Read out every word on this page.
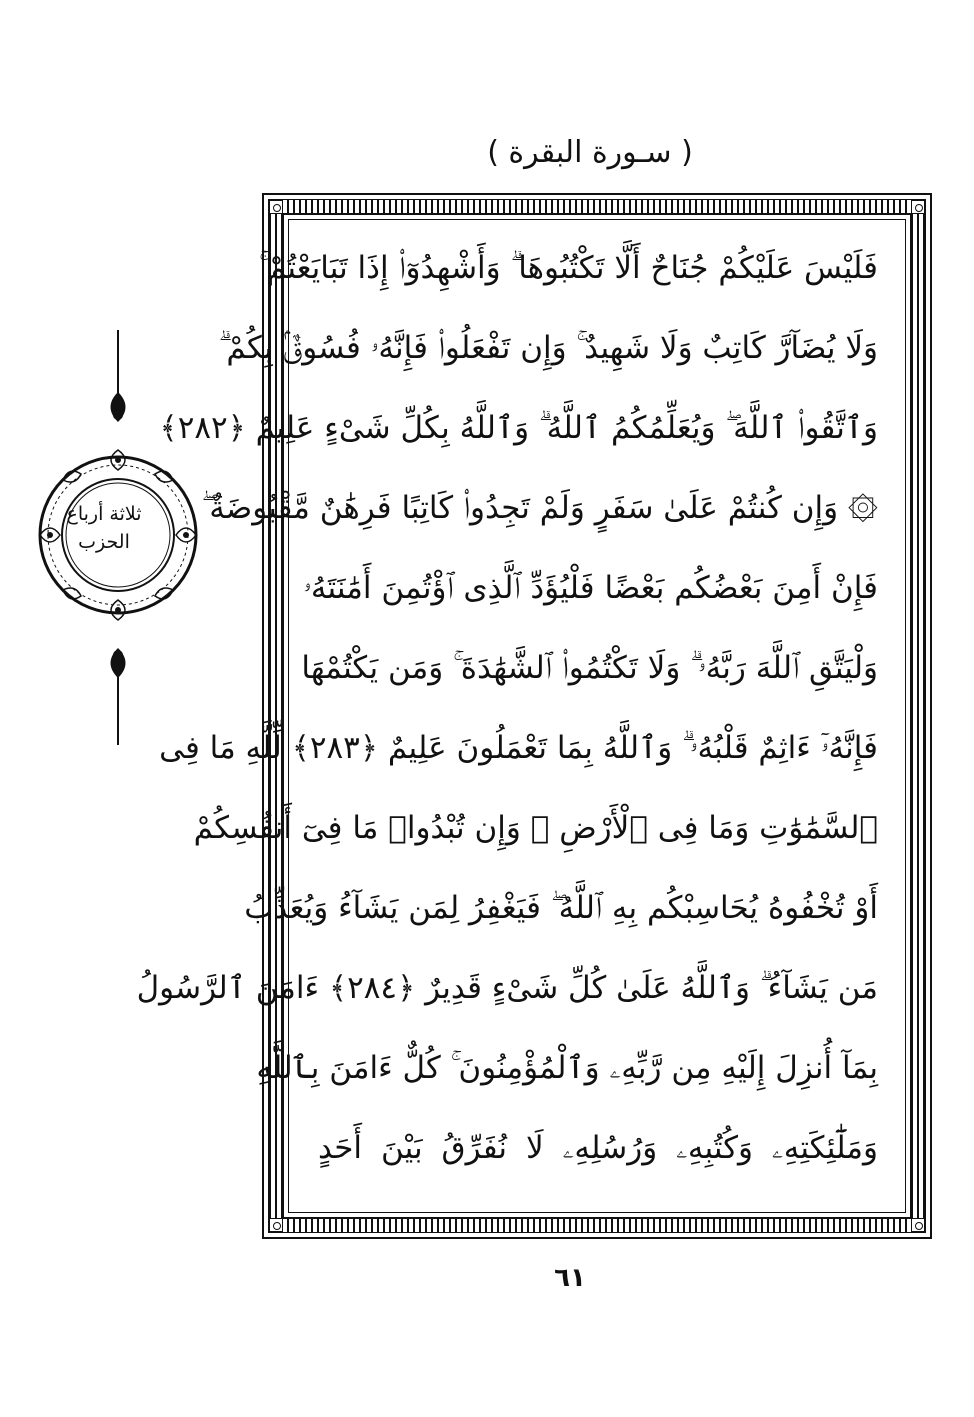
( سـورة البقرة )
فَلَيْسَ عَلَيْكُمْ جُنَاحٌ أَلَّا تَكْتُبُوهَا ۗ وَأَشْهِدُوٓا۟ إِذَا تَبَايَعْتُمْ ۚ
وَلَا يُضَآرَّ كَاتِبٌ وَلَا شَهِيدٌ ۚ وَإِن تَفْعَلُوا۟ فَإِنَّهُۥ فُسُوقٌۢ بِكُمْ ۗ
وَٱتَّقُوا۟ ٱللَّهَ ۖ وَيُعَلِّمُكُمُ ٱللَّهُ ۗ وَٱللَّهُ بِكُلِّ شَىْءٍ عَلِيمٌ ﴿٢٨٢﴾
۞ وَإِن كُنتُمْ عَلَىٰ سَفَرٍ وَلَمْ تَجِدُوا۟ كَاتِبًا فَرِهَٰنٌ مَّقْبُوضَةٌ ۖ
فَإِنْ أَمِنَ بَعْضُكُم بَعْضًا فَلْيُؤَدِّ ٱلَّذِى ٱؤْتُمِنَ أَمَٰنَتَهُۥ
وَلْيَتَّقِ ٱللَّهَ رَبَّهُۥ ۗ وَلَا تَكْتُمُوا۟ ٱلشَّهَٰدَةَ ۚ وَمَن يَكْتُمْهَا
فَإِنَّهُۥٓ ءَاثِمٌ قَلْبُهُۥ ۗ وَٱللَّهُ بِمَا تَعْمَلُونَ عَلِيمٌ ﴿٢٨٣﴾ لِّلَّهِ مَا فِى
ٱلسَّمَٰوَٰتِ وَمَا فِى ٱلْأَرْضِ ۗ وَإِن تُبْدُوا۟ مَا فِىٓ أَنفُسِكُمْ
أَوْ تُخْفُوهُ يُحَاسِبْكُم بِهِ ٱللَّهُ ۖ فَيَغْفِرُ لِمَن يَشَآءُ وَيُعَذِّبُ
مَن يَشَآءُ ۗ وَٱللَّهُ عَلَىٰ كُلِّ شَىْءٍ قَدِيرٌ ﴿٢٨٤﴾ ءَامَنَ ٱلرَّسُولُ
بِمَآ أُنزِلَ إِلَيْهِ مِن رَّبِّهِۦ وَٱلْمُؤْمِنُونَ ۚ كُلٌّ ءَامَنَ بِٱللَّهِ
وَمَلَٰٓئِكَتِهِۦ وَكُتُبِهِۦ وَرُسُلِهِۦ لَا نُفَرِّقُ بَيْنَ أَحَدٍ
ثلاثة أرباع
الحزب
٦١
